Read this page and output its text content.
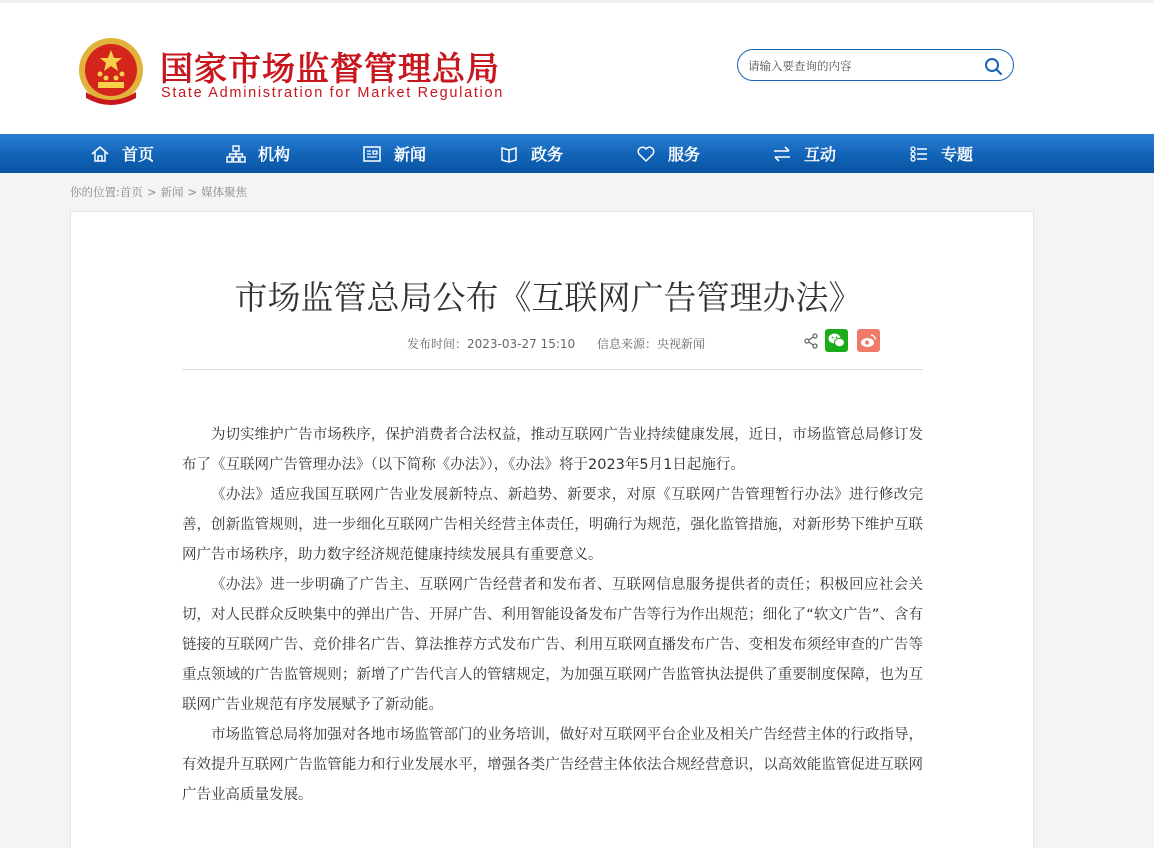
国家市场监督管理总局
State Administration for Market Regulation
请输入要查询的内容
首页	机构	新闻	政务	服务	互动	专题
你的位置:首页 > 新闻 > 媒体聚焦
市场监管总局公布《互联网广告管理办法》
发布时间：2023-03-27 15:10 信息来源：央视新闻

为切实维护广告市场秩序，保护消费者合法权益，推动互联网广告业持续健康发展，近日，市场监管总局修订发布了《互联网广告管理办法》（以下简称《办法》），《办法》将于2023年5月1日起施行。

《办法》适应我国互联网广告业发展新特点、新趋势、新要求，对原《互联网广告管理暂行办法》进行修改完善，创新监管规则，进一步细化互联网广告相关经营主体责任，明确行为规范，强化监管措施，对新形势下维护互联网广告市场秩序，助力数字经济规范健康持续发展具有重要意义。

《办法》进一步明确了广告主、互联网广告经营者和发布者、互联网信息服务提供者的责任；积极回应社会关切，对人民群众反映集中的弹出广告、开屏广告、利用智能设备发布广告等行为作出规范；细化了“软文广告”、含有链接的互联网广告、竞价排名广告、算法推荐方式发布广告、利用互联网直播发布广告、变相发布须经审查的广告等重点领域的广告监管规则；新增了广告代言人的管辖规定，为加强互联网广告监管执法提供了重要制度保障，也为互联网广告业规范有序发展赋予了新动能。

市场监管总局将加强对各地市场监管部门的业务培训，做好对互联网平台企业及相关广告经营主体的行政指导，有效提升互联网广告监管能力和行业发展水平，增强各类广告经营主体依法合规经营意识，以高效能监管促进互联网广告业高质量发展。
